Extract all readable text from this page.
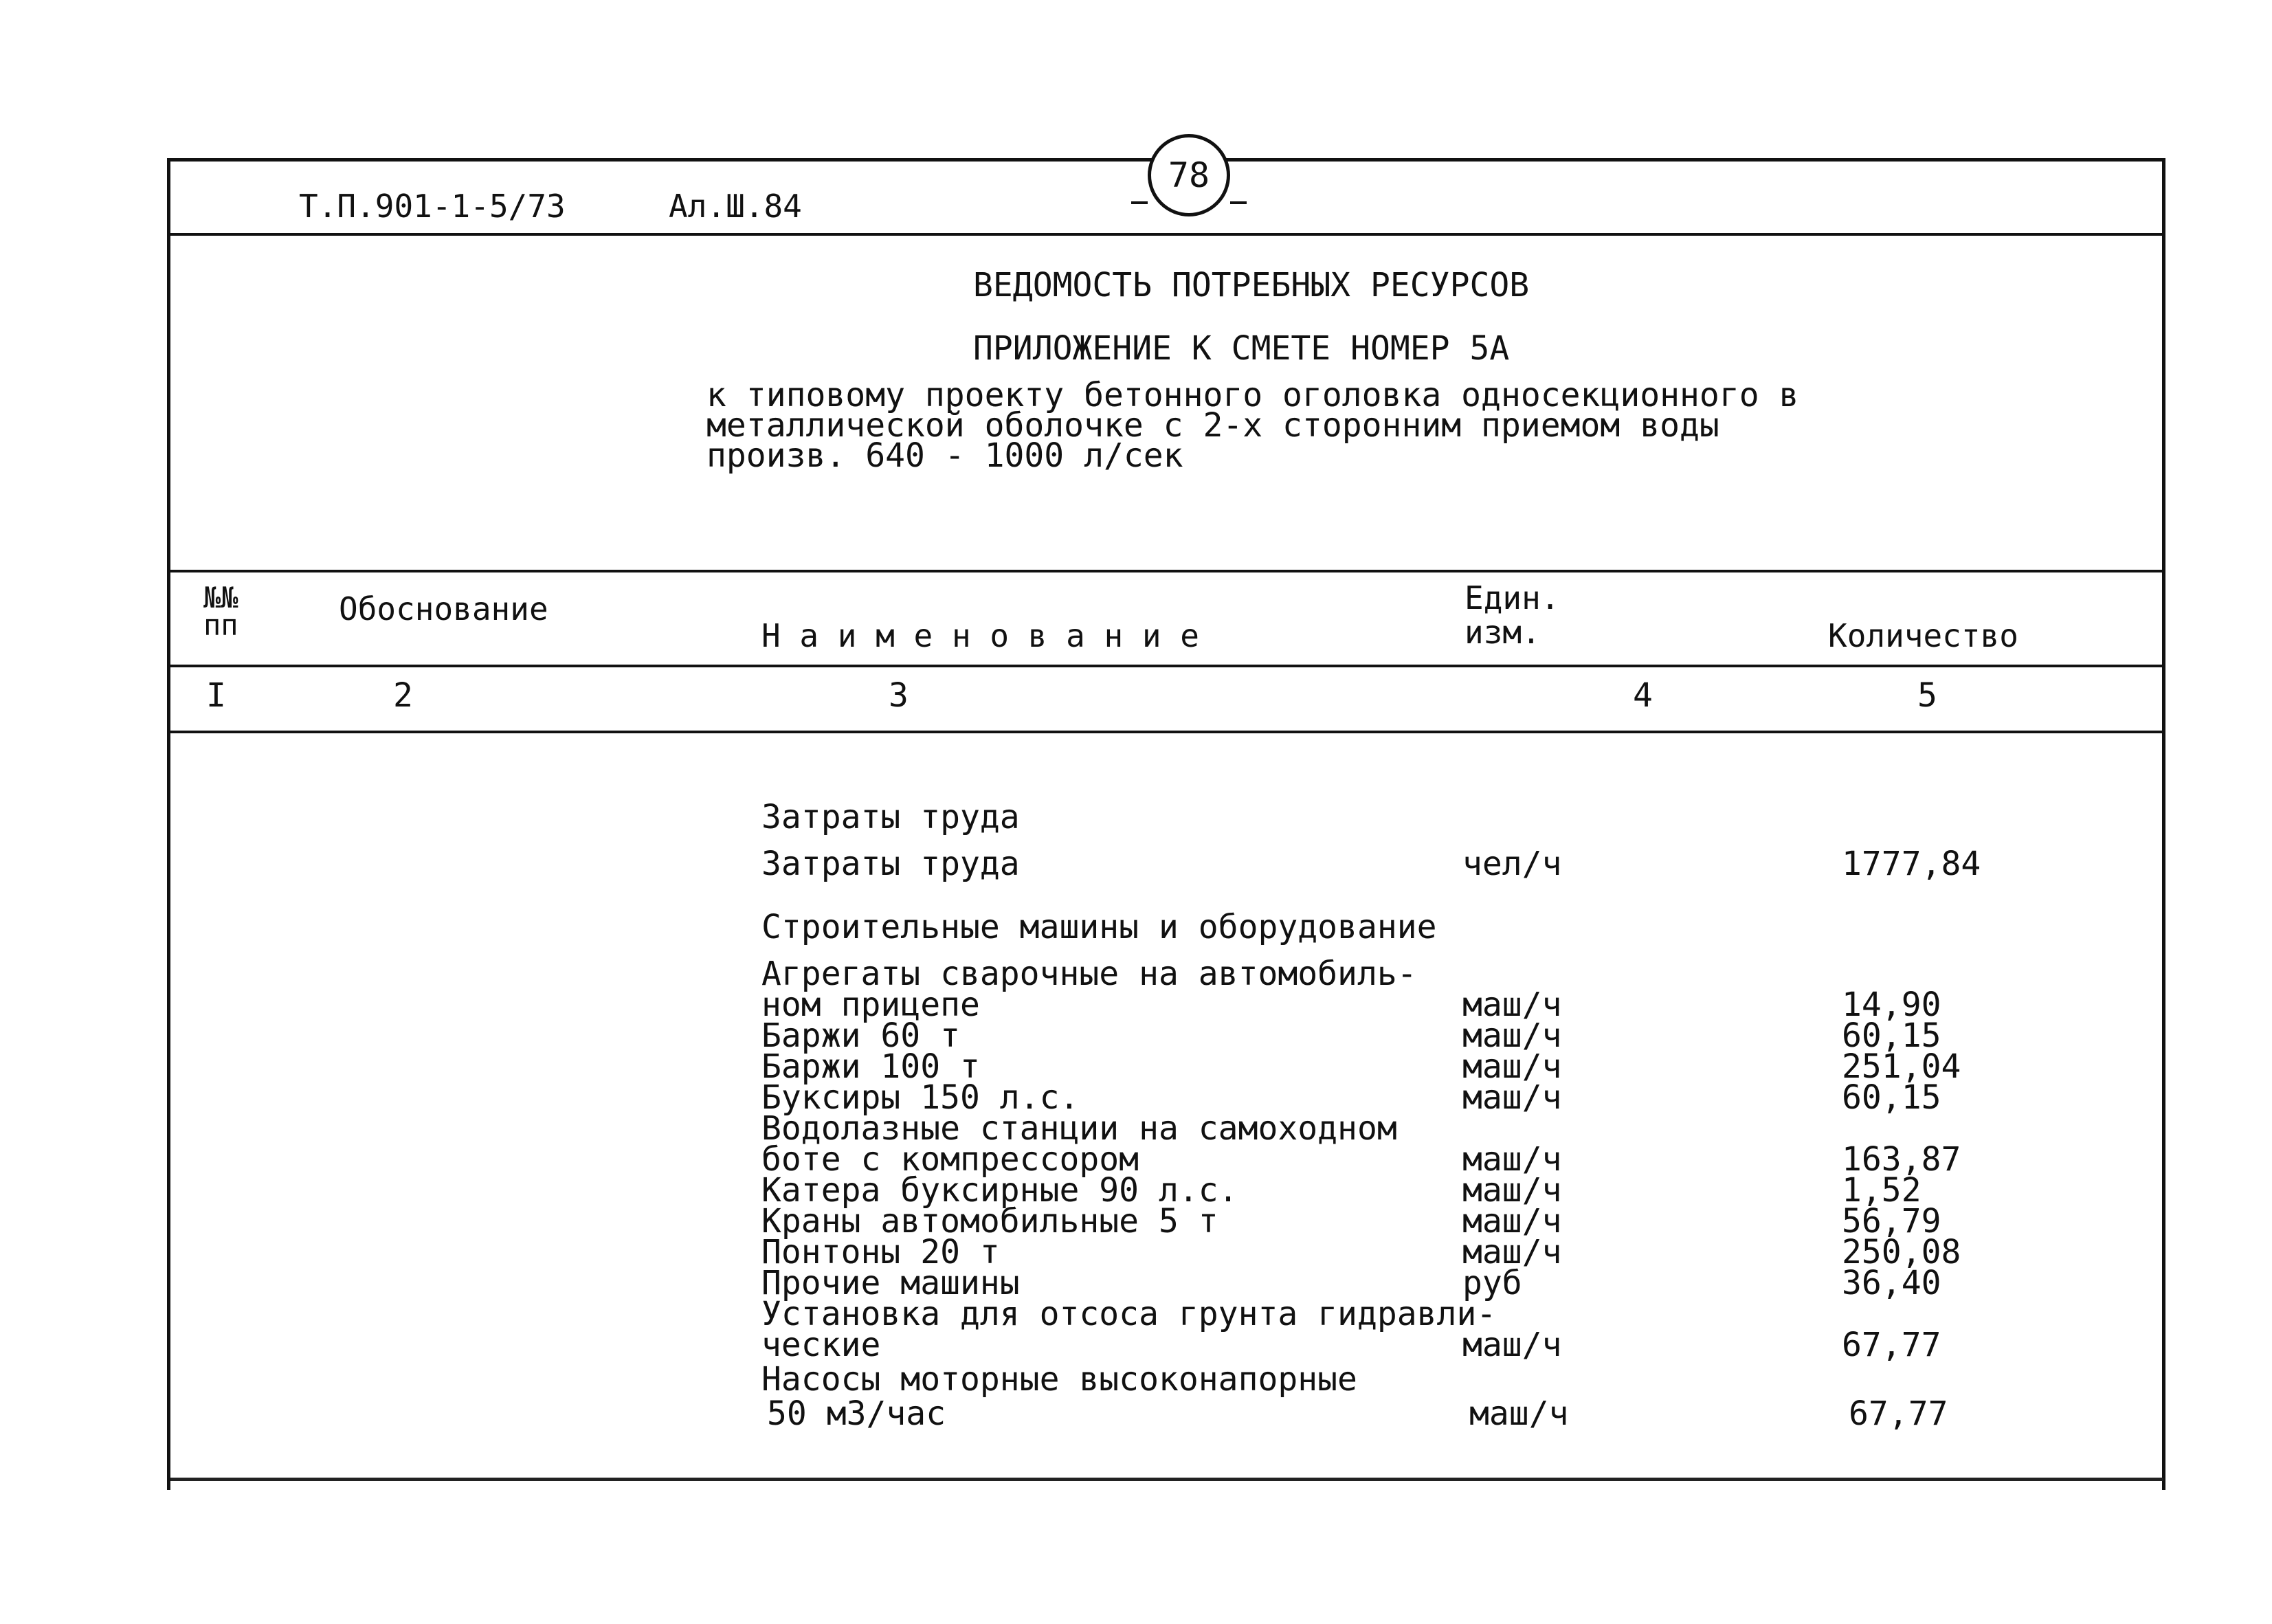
Т.П.901-1-5/73	Ал.Ш.84
78
ВЕДОМОСТЬ ПОТРЕБНЫХ РЕСУРСОВ
ПРИЛОЖЕНИЕ К СМЕТЕ НОМЕР 5А
к типовому проекту бетонного оголовка односекционного в
металлической оболочке с 2-х сторонним приемом воды
произв. 640 - 1000 л/сек
№№
пп	Обоснование
Н а и м е н о в а н и е
Един.
изм.	Количество
I	2	3	4	5
Затраты труда
Затраты труда	чел/ч	1777,84
Строительные машины и оборудование
Агрегаты сварочные на автомобиль-
ном прицепе	маш/ч	14,90
Баржи 60 т	маш/ч	60,15
Баржи 100 т	маш/ч	251,04
Буксиры 150 л.с.	маш/ч	60,15
Водолазные станции на самоходном
боте с компрессором	маш/ч	163,87
Катера буксирные 90 л.с.	маш/ч	1,52
Краны автомобильные 5 т	маш/ч	56,79
Понтоны 20 т	маш/ч	250,08
Прочие машины	руб	36,40
Установка для отсоса грунта гидравли-
ческие	маш/ч	67,77
Насосы моторные высоконапорные
50 м3/час	маш/ч	67,77
